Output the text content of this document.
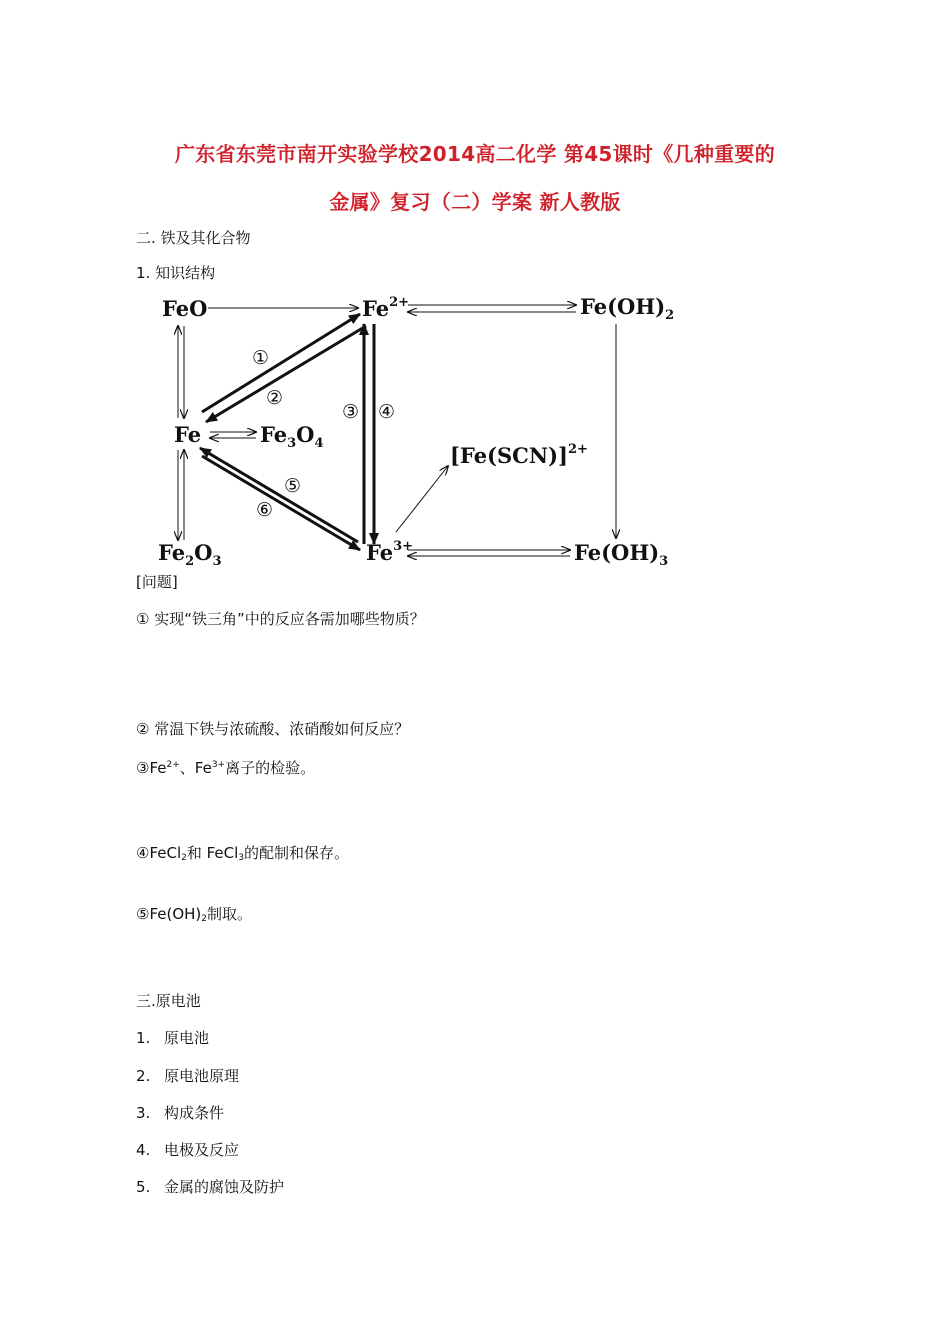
广东省东莞市南开实验学校2014高二化学 第45课时《几种重要的
金属》复习（二）学案 新人教版
二. 铁及其化合物
1. 知识结构
FeO	$Fe^{2+}$	$Fe(OH)_2$
Fe	$Fe_3O_4$	$[Fe(SCN)]^{2+}$
$Fe_2O_3$	$Fe^{3+}$	$Fe(OH)_3$
①
②
③ ④
⑤
⑥
[问题]
① 实现“铁三角”中的反应各需加哪些物质？
② 常温下铁与浓硫酸、浓硝酸如何反应？
$③Fe^{2+}$、$Fe^{3+}$离子的检验。
④FeCl$_2$和 FeCl$_3$的配制和保存。
$⑤Fe(OH)_2$制取。
三.原电池
1. 原电池
2. 原电池原理
3. 构成条件
4. 电极及反应
5. 金属的腐蚀及防护
